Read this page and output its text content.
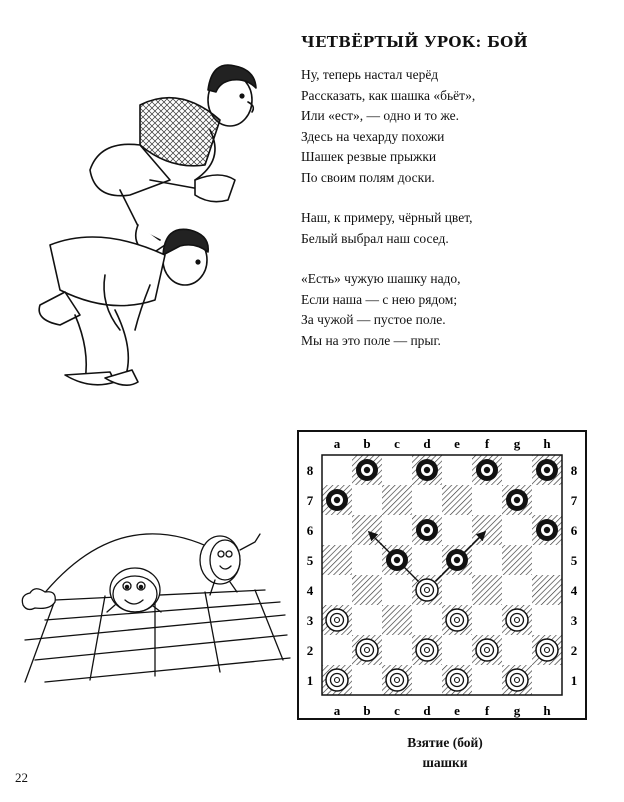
ЧЕТВЁРТЫЙ УРОК: БОЙ
Ну, теперь настал черёд
Рассказать, как шашка «бьёт»,
Или «ест», — одно и то же.
Здесь на чехарду похожи
Шашек резвые прыжки
По своим полям доски.
Наш, к примеру, чёрный цвет,
Белый выбрал наш сосед.
«Есть» чужую шашку надо,
Если наша — с нею рядом;
За чужой — пустое поле.
Мы на это поле — прыг.
a
a
b
b
c
c
d
d
e
e
f
f
g
g
h
h
8	8
7	7
6	6
5	5
4	4
3	3
2	2
1	1
Взятие (бой)
шашки
22
